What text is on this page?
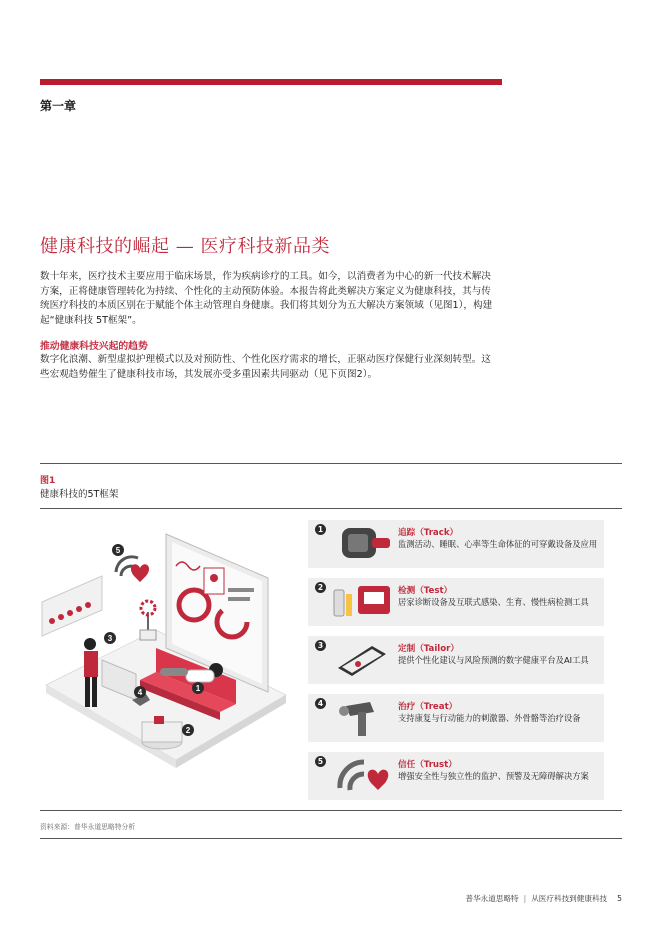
第一章
健康科技的崛起 — 医疗科技新品类
数十年来，医疗技术主要应用于临床场景，作为疾病诊疗的工具。如今，以消费者为中心的新一代技术解决方案，正将健康管理转化为持续、个性化的主动预防体验。本报告将此类解决方案定义为健康科技，其与传统医疗科技的本质区别在于赋能个体主动管理自身健康。我们将其划分为五大解决方案领域（见图1），构建起“健康科技 5T框架”。
推动健康科技兴起的趋势
数字化浪潮、新型虚拟护理模式以及对预防性、个性化医疗需求的增长，正驱动医疗保健行业深刻转型。这些宏观趋势催生了健康科技市场，其发展亦受多重因素共同驱动（见下页图2）。
图1
健康科技的5T框架
5
3
4	1
2
1	追踪（Track）
监测活动、睡眠、心率等生命体征的可穿戴设备及应用
2	检测（Test）
居家诊断设备及互联式感染、生育、慢性病检测工具
3	定制（Tailor）
提供个性化建议与风险预测的数字健康平台及AI工具
4	治疗（Treat）
支持康复与行动能力的刺激器、外骨骼等治疗设备
5	信任（Trust）
增强安全性与独立性的监护、预警及无障碍解决方案
资料来源：普华永道思略特分析
普华永道思略特 | 从医疗科技到健康科技 5
